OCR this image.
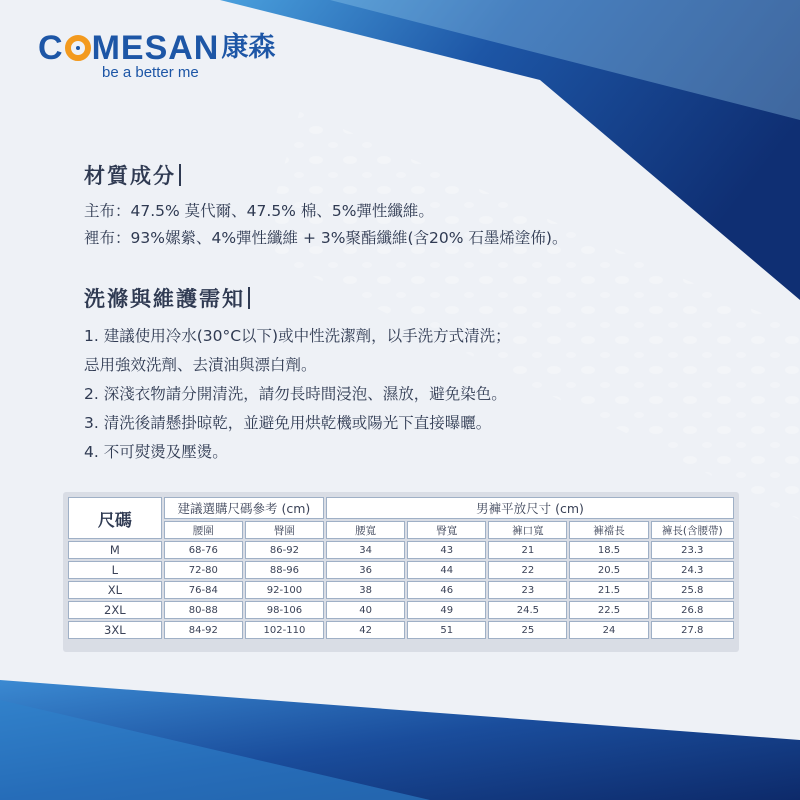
C MESAN 康森
be a better me
材質成分
主布：47.5% 莫代爾、47.5% 棉、5%彈性纖維。
裡布：93%嫘縈、4%彈性纖維 + 3%聚酯纖維(含20% 石墨烯塗佈)。
洗滌與維護需知
1. 建議使用冷水(30°C以下)或中性洗潔劑，以手洗方式清洗；
忌用強效洗劑、去漬油與漂白劑。
2. 深淺衣物請分開清洗，請勿長時間浸泡、濕放，避免染色。
3. 清洗後請懸掛晾乾，並避免用烘乾機或陽光下直接曝曬。
4. 不可熨燙及壓燙。
尺碼	建議選購尺碼參考 (cm)		男褲平放尺寸 (cm)				
	腰圍	臀圍	腰寬	臀寬	褲口寬	褲襠長	褲長(含腰帶)
M	68-76	86-92	34	43	21	18.5	23.3
L	72-80	88-96	36	44	22	20.5	24.3
XL	76-84	92-100	38	46	23	21.5	25.8
2XL	80-88	98-106	40	49	24.5	22.5	26.8
3XL	84-92	102-110	42	51	25	24	27.8
